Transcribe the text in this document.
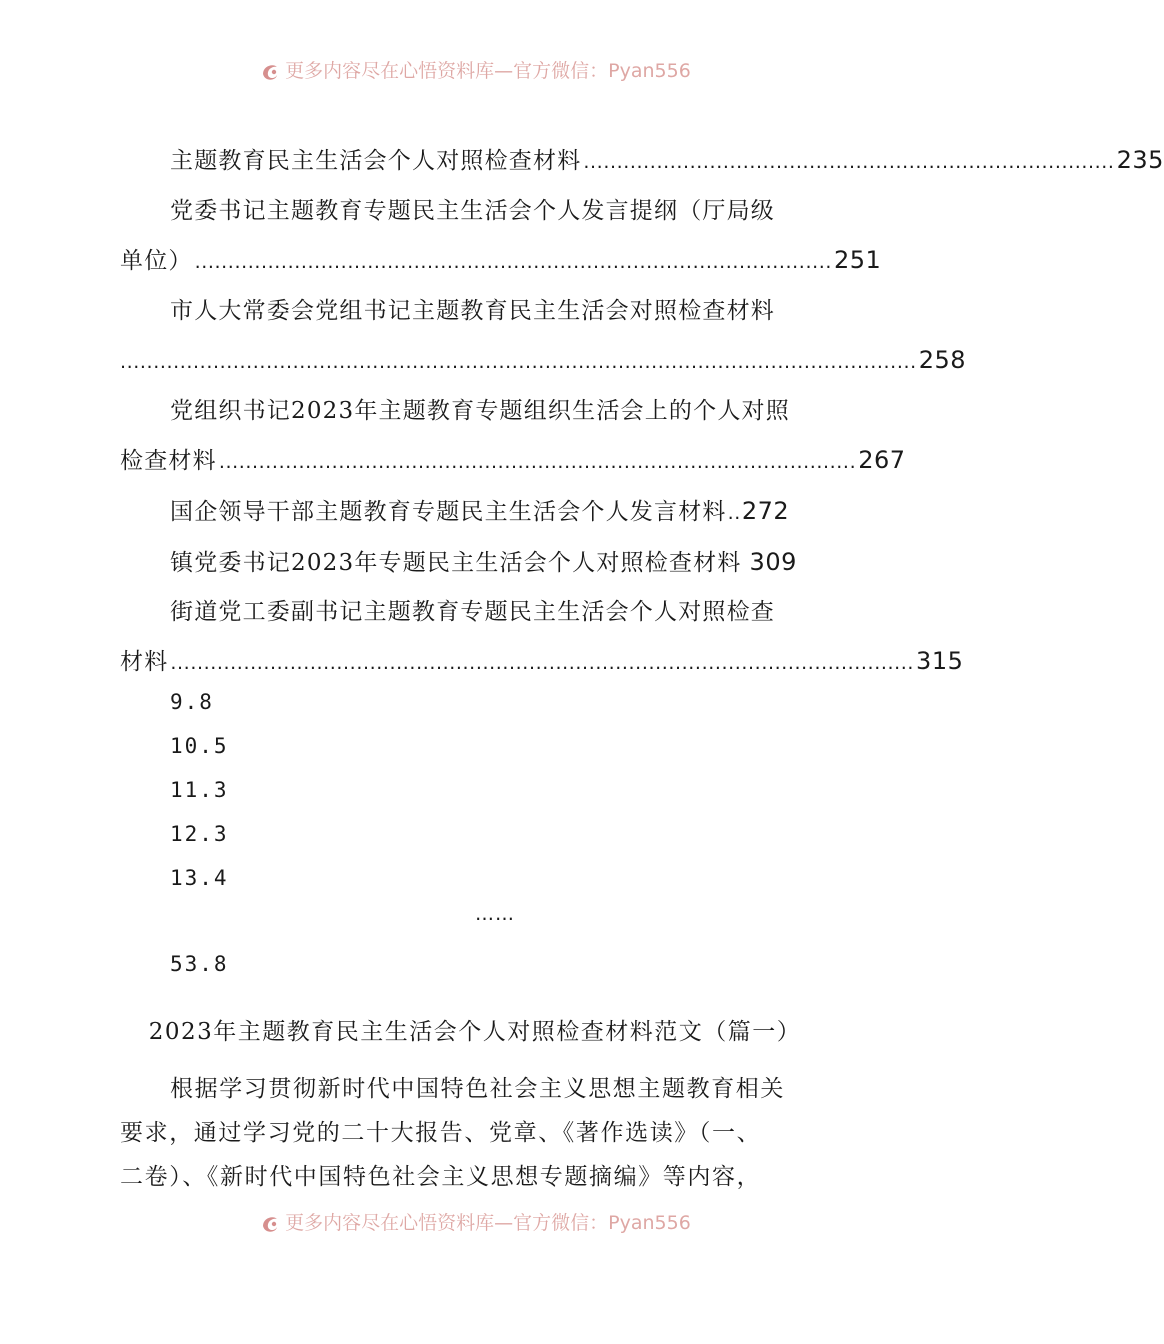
更多内容尽在心悟资料库—官方微信：Pyan556
主题教育民主生活会个人对照检查材料 ................................................................................ 235
党委书记主题教育专题民主生活会个人发言提纲（厅局级
单位） ................................................................................................ 251
市人大常委会党组书记主题教育民主生活会对照检查材料
........................................................................................................................ 258
党组织书记2023年主题教育专题组织生活会上的个人对照
检查材料 ................................................................................................ 267
国企领导干部主题教育专题民主生活会个人发言材料 .. 272
镇党委书记2023年专题民主生活会个人对照检查材料 309
街道党工委副书记主题教育专题民主生活会个人对照检查
材料 ................................................................................................................ 315
9.8
10.5
11.3
12.3
13.4
……
53.8
2023年主题教育民主生活会个人对照检查材料范文（篇一）
根据学习贯彻新时代中国特色社会主义思想主题教育相关
要求，通过学习党的二十大报告、党章、《著作选读》（一、
二卷）、《新时代中国特色社会主义思想专题摘编》等内容，
更多内容尽在心悟资料库—官方微信：Pyan556
